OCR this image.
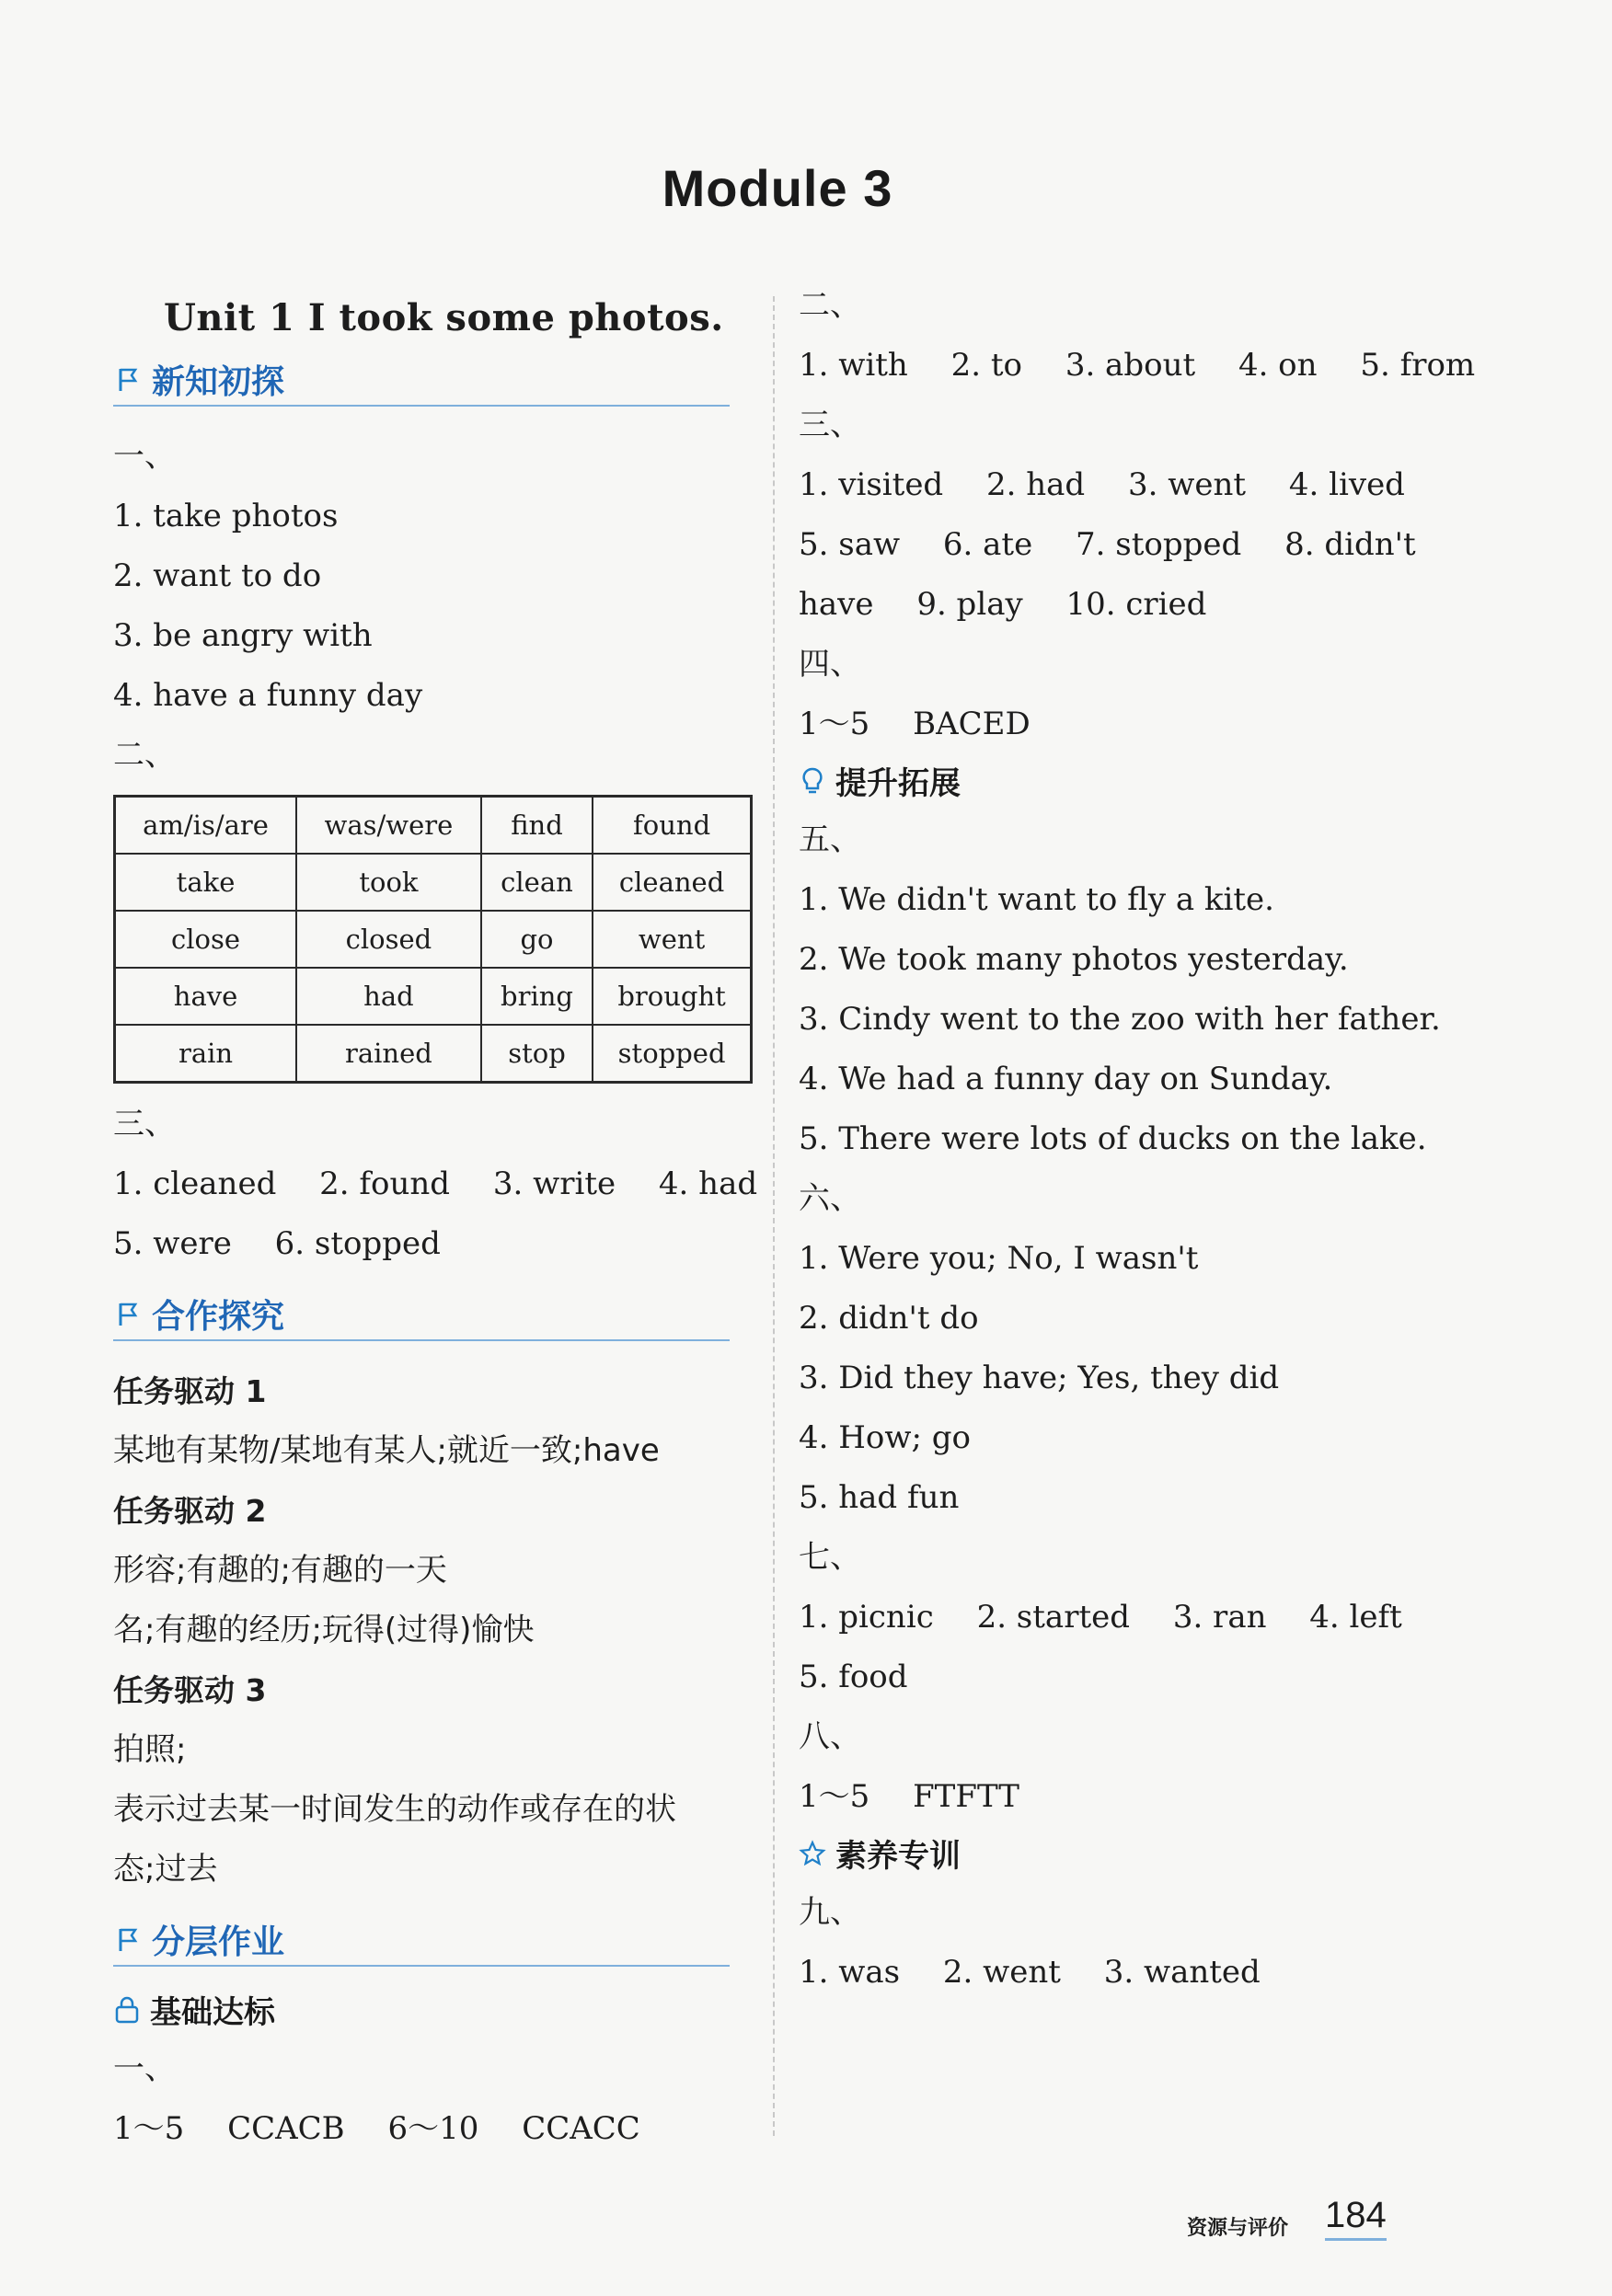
Module 3
Unit 1 I took some photos.
新知初探
一、
1. take photos
2. want to do
3. be angry with
4. have a funny day
二、
am/is/are	was/were	find	found
take	took	clean	cleaned
close	closed	go	went
have	had	bring	brought
rain	rained	stop	stopped
三、
1. cleaned 2. found 3. write 4. had
5. were 6. stopped
合作探究
任务驱动 1
某地有某物/某地有某人;就近一致;have
任务驱动 2
形容;有趣的;有趣的一天
名;有趣的经历;玩得(过得)愉快
任务驱动 3
拍照;
表示过去某一时间发生的动作或存在的状
态;过去
分层作业
基础达标
一、
1～5 CCACB 6～10 CCACC
二、
1. with 2. to 3. about 4. on 5. from
三、
1. visited 2. had 3. went 4. lived
5. saw 6. ate 7. stopped 8. didn't
have 9. play 10. cried
四、
1～5 BACED
提升拓展
五、
1. We didn't want to fly a kite.
2. We took many photos yesterday.
3. Cindy went to the zoo with her father.
4. We had a funny day on Sunday.
5. There were lots of ducks on the lake.
六、
1. Were you; No, I wasn't
2. didn't do
3. Did they have; Yes, they did
4. How; go
5. had fun
七、
1. picnic 2. started 3. ran 4. left
5. food
八、
1～5 FTFTT
素养专训
九、
1. was 2. went 3. wanted
资源与评价 184
